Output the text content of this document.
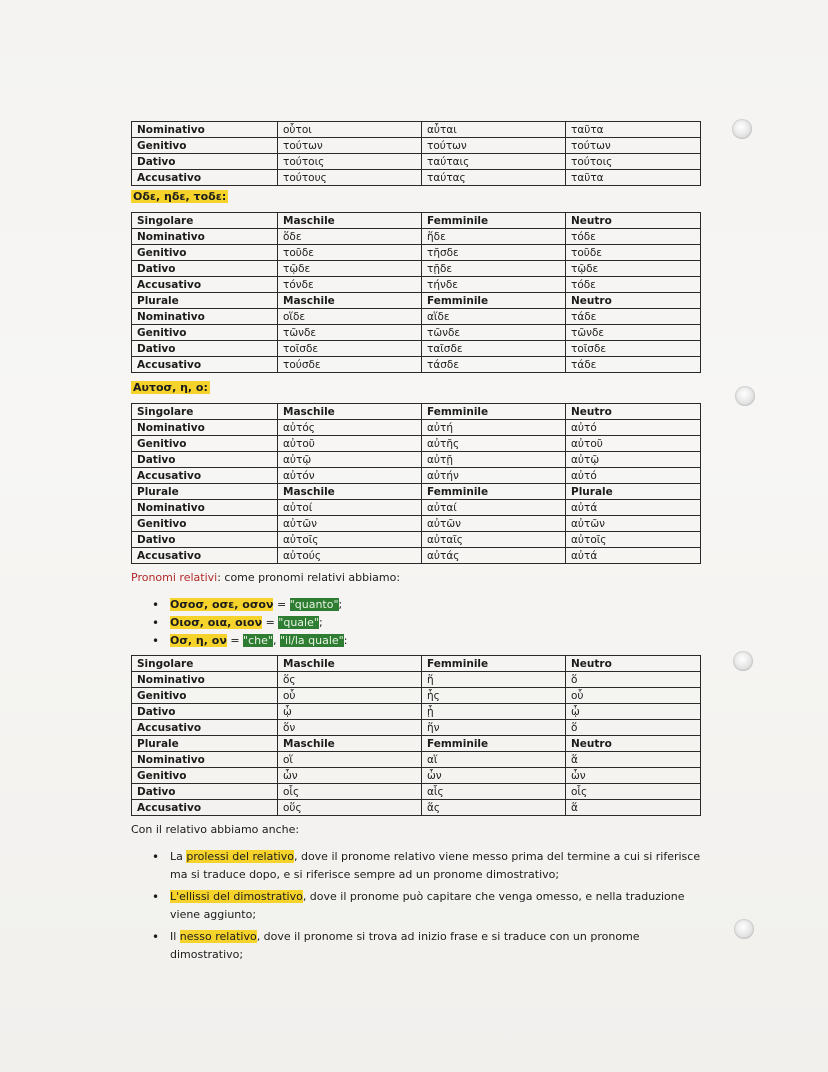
Nominativo	οὗτοι	αὗται	ταῦτα
Genitivo	τούτων	τούτων	τούτων
Dativo	τούτοις	ταύταις	τούτοις
Accusativo	τούτους	ταύτας	ταῦτα
Οδε, ηδε, τοδε:
Singolare	Maschile	Femminile	Neutro
Nominativo	ὅδε	ἥδε	τόδε
Genitivo	τοῦδε	τῆσδε	τοῦδε
Dativo	τῷδε	τῇδε	τῷδε
Accusativo	τόνδε	τήνδε	τόδε
Plurale	Maschile	Femminile	Neutro
Nominativo	οἵδε	αἵδε	τάδε
Genitivo	τῶνδε	τῶνδε	τῶνδε
Dativo	τοῖσδε	ταῖσδε	τοῖσδε
Accusativo	τούσδε	τάσδε	τάδε
Αυτοσ, η, ο:
Singolare	Maschile	Femminile	Neutro
Nominativo	αὐτός	αὐτή	αὐτό
Genitivo	αὐτοῦ	αὐτῆς	αὐτοῦ
Dativo	αὐτῷ	αὐτῇ	αὐτῷ
Accusativo	αὐτόν	αὐτήν	αὐτό
Plurale	Maschile	Femminile	Plurale
Nominativo	αὐτοί	αὐταί	αὐτά
Genitivo	αὐτῶν	αὐτῶν	αὐτῶν
Dativo	αὐτοῖς	αὐταῖς	αὐτοῖς
Accusativo	αὐτούς	αὐτάς	αὐτά
Pronomi relativi: come pronomi relativi abbiamo:
• Οσοσ, οσε, οσον = "quanto";
• Οιοσ, οια, οιον = "quale";
• Οσ, η, ον = "che", "il/la quale":
Singolare	Maschile	Femminile	Neutro
Nominativo	ὅς	ἥ	ὅ
Genitivo	οὗ	ἧς	οὗ
Dativo	ᾧ	ᾗ	ᾧ
Accusativo	ὅν	ἥν	ὅ
Plurale	Maschile	Femminile	Neutro
Nominativo	οἵ	αἵ	ἅ
Genitivo	ὧν	ὧν	ὧν
Dativo	οἷς	αἷς	οἷς
Accusativo	οὕς	ἅς	ἅ
Con il relativo abbiamo anche:
• La prolessi del relativo, dove il pronome relativo viene messo prima del termine a cui si riferisce ma si traduce dopo, e si riferisce sempre ad un pronome dimostrativo;
• L'ellissi del dimostrativo, dove il pronome può capitare che venga omesso, e nella traduzione viene aggiunto;
• Il nesso relativo, dove il pronome si trova ad inizio frase e si traduce con un pronome dimostrativo;
